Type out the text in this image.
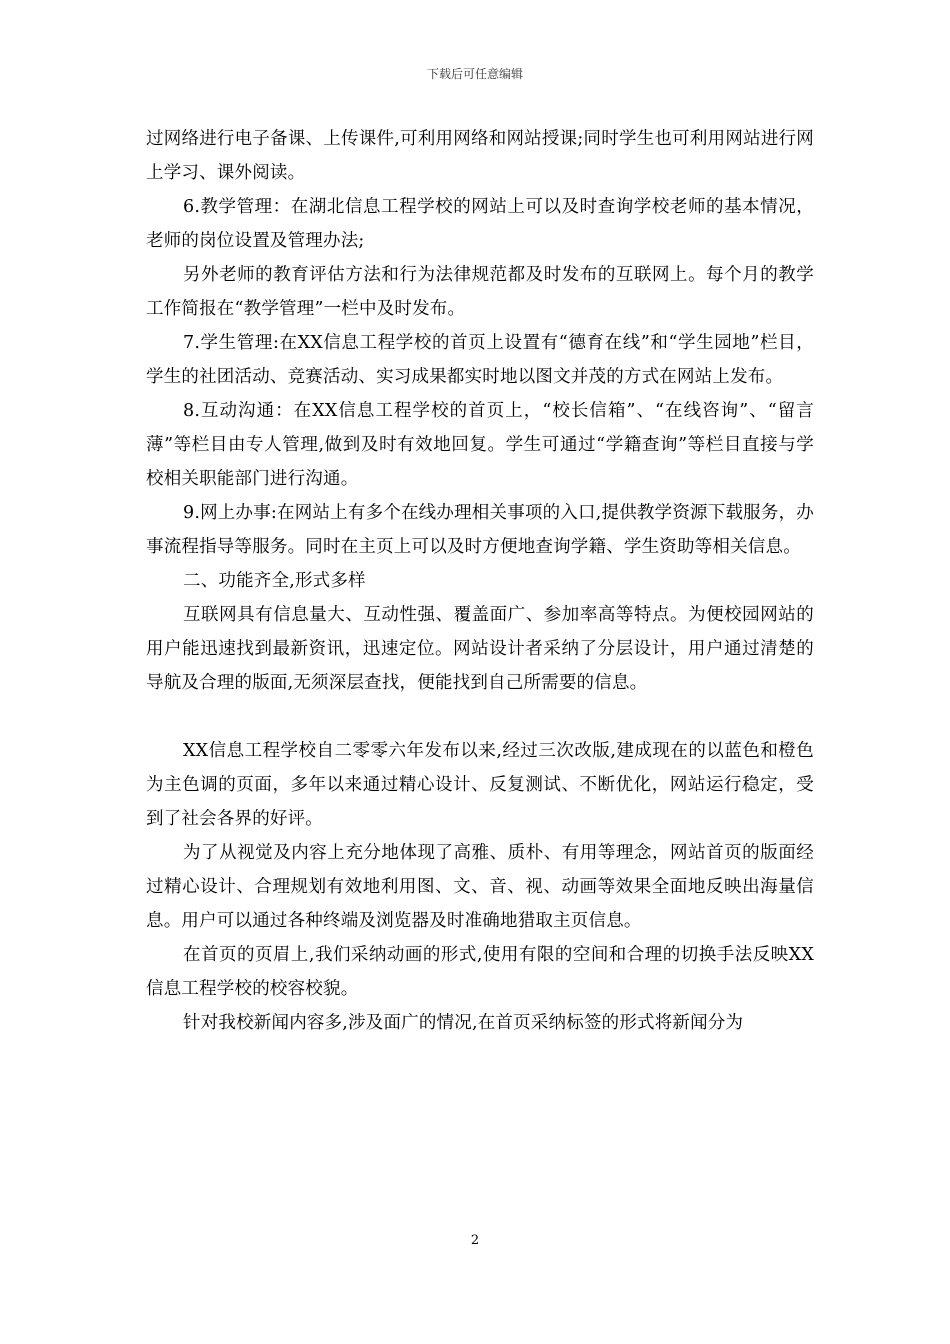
下载后可任意编辑

过网络进行电子备课、上传课件,可利用网络和网站授课;同时学生也可利用网站进行网上学习、课外阅读。

6.教学管理：在湖北信息工程学校的网站上可以及时查询学校老师的基本情况，老师的岗位设置及管理办法;

另外老师的教育评估方法和行为法律规范都及时发布的互联网上。每个月的教学工作简报在“教学管理”一栏中及时发布。

7.学生管理:在XX信息工程学校的首页上设置有“德育在线”和“学生园地”栏目，学生的社团活动、竞赛活动、实习成果都实时地以图文并茂的方式在网站上发布。

8.互动沟通：在XX信息工程学校的首页上，“校长信箱”、“在线咨询”、“留言薄”等栏目由专人管理,做到及时有效地回复。学生可通过“学籍查询”等栏目直接与学校相关职能部门进行沟通。

9.网上办事:在网站上有多个在线办理相关事项的入口,提供教学资源下载服务，办事流程指导等服务。同时在主页上可以及时方便地查询学籍、学生资助等相关信息。

二、功能齐全,形式多样

互联网具有信息量大、互动性强、覆盖面广、参加率高等特点。为便校园网站的用户能迅速找到最新资讯，迅速定位。网站设计者采纳了分层设计，用户通过清楚的导航及合理的版面,无须深层查找，便能找到自己所需要的信息。

XX信息工程学校自二零零六年发布以来,经过三次改版,建成现在的以蓝色和橙色为主色调的页面，多年以来通过精心设计、反复测试、不断优化，网站运行稳定，受到了社会各界的好评。

为了从视觉及内容上充分地体现了高雅、质朴、有用等理念，网站首页的版面经过精心设计、合理规划有效地利用图、文、音、视、动画等效果全面地反映出海量信息。用户可以通过各种终端及浏览器及时准确地猎取主页信息。

在首页的页眉上,我们采纳动画的形式,使用有限的空间和合理的切换手法反映XX信息工程学校的校容校貌。

针对我校新闻内容多,涉及面广的情况,在首页采纳标签的形式将新闻分为

2
